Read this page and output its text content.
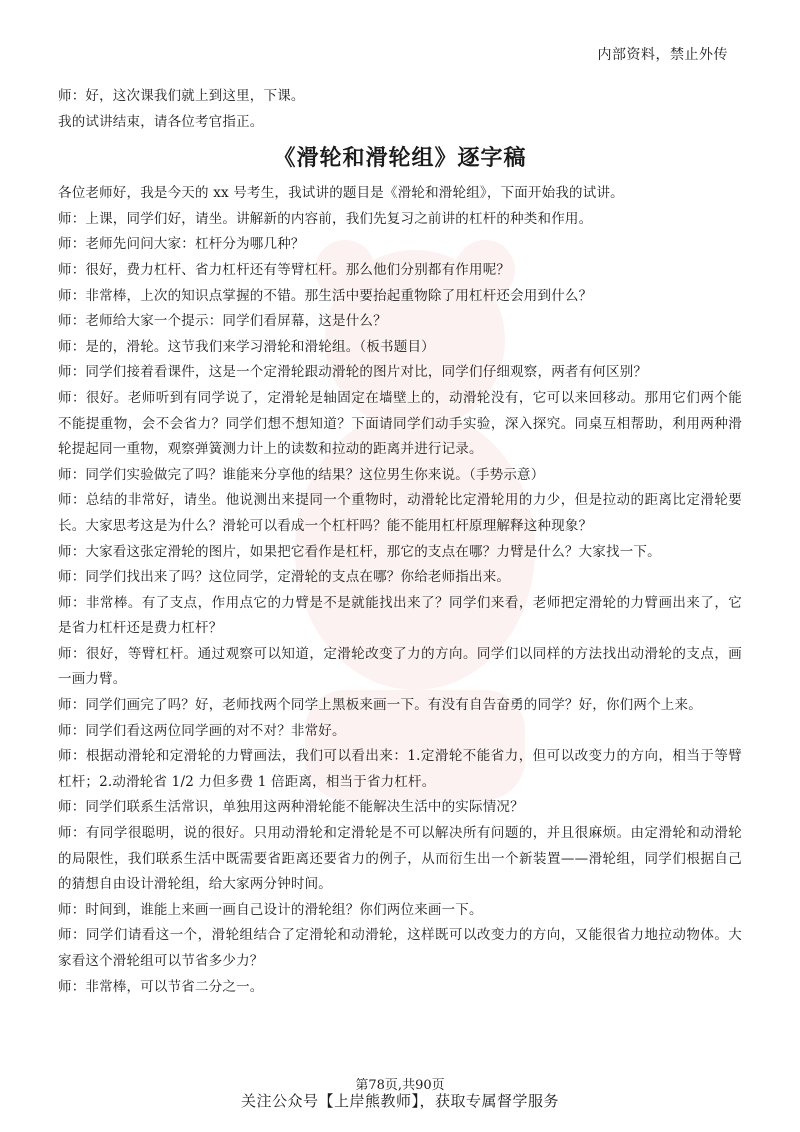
内部资料，禁止外传

师：好，这次课我们就上到这里，下课。

我的试讲结束，请各位考官指正。

《滑轮和滑轮组》逐字稿

各位老师好，我是今天的 xx 号考生，我试讲的题目是《滑轮和滑轮组》，下面开始我的试讲。

师：上课，同学们好，请坐。讲解新的内容前，我们先复习之前讲的杠杆的种类和作用。

师：老师先问问大家：杠杆分为哪几种？

师：很好，费力杠杆、省力杠杆还有等臂杠杆。那么他们分别都有作用呢？

师：非常棒，上次的知识点掌握的不错。那生活中要抬起重物除了用杠杆还会用到什么？

师：老师给大家一个提示：同学们看屏幕，这是什么？

师：是的，滑轮。这节我们来学习滑轮和滑轮组。（板书题目）

师：同学们接着看课件，这是一个定滑轮跟动滑轮的图片对比，同学们仔细观察，两者有何区别？

师：很好。老师听到有同学说了，定滑轮是轴固定在墙壁上的，动滑轮没有，它可以来回移动。那用它们两个能不能提重物，会不会省力？同学们想不想知道？下面请同学们动手实验，深入探究。同桌互相帮助，利用两种滑轮提起同一重物，观察弹簧测力计上的读数和拉动的距离并进行记录。

师：同学们实验做完了吗？谁能来分享他的结果？这位男生你来说。（手势示意）

师：总结的非常好，请坐。他说测出来提同一个重物时，动滑轮比定滑轮用的力少，但是拉动的距离比定滑轮要长。大家思考这是为什么？滑轮可以看成一个杠杆吗？能不能用杠杆原理解释这种现象？

师：大家看这张定滑轮的图片，如果把它看作是杠杆，那它的支点在哪？力臂是什么？大家找一下。

师：同学们找出来了吗？这位同学，定滑轮的支点在哪？你给老师指出来。

师：非常棒。有了支点，作用点它的力臂是不是就能找出来了？同学们来看，老师把定滑轮的力臂画出来了，它是省力杠杆还是费力杠杆？

师：很好，等臂杠杆。通过观察可以知道，定滑轮改变了力的方向。同学们以同样的方法找出动滑轮的支点，画一画力臂。

师：同学们画完了吗？好，老师找两个同学上黑板来画一下。有没有自告奋勇的同学？好，你们两个上来。

师：同学们看这两位同学画的对不对？非常好。

师：根据动滑轮和定滑轮的力臂画法，我们可以看出来：1.定滑轮不能省力，但可以改变力的方向，相当于等臂杠杆；2.动滑轮省 1/2 力但多费 1 倍距离，相当于省力杠杆。

师：同学们联系生活常识，单独用这两种滑轮能不能解决生活中的实际情况？

师：有同学很聪明，说的很好。只用动滑轮和定滑轮是不可以解决所有问题的，并且很麻烦。由定滑轮和动滑轮的局限性，我们联系生活中既需要省距离还要省力的例子，从而衍生出一个新装置——滑轮组，同学们根据自己的猜想自由设计滑轮组，给大家两分钟时间。

师：时间到，谁能上来画一画自己设计的滑轮组？你们两位来画一下。

师：同学们请看这一个，滑轮组结合了定滑轮和动滑轮，这样既可以改变力的方向，又能很省力地拉动物体。大家看这个滑轮组可以节省多少力？

师：非常棒，可以节省二分之一。

第78页,共90页
关注公众号【上岸熊教师】，获取专属督学服务
